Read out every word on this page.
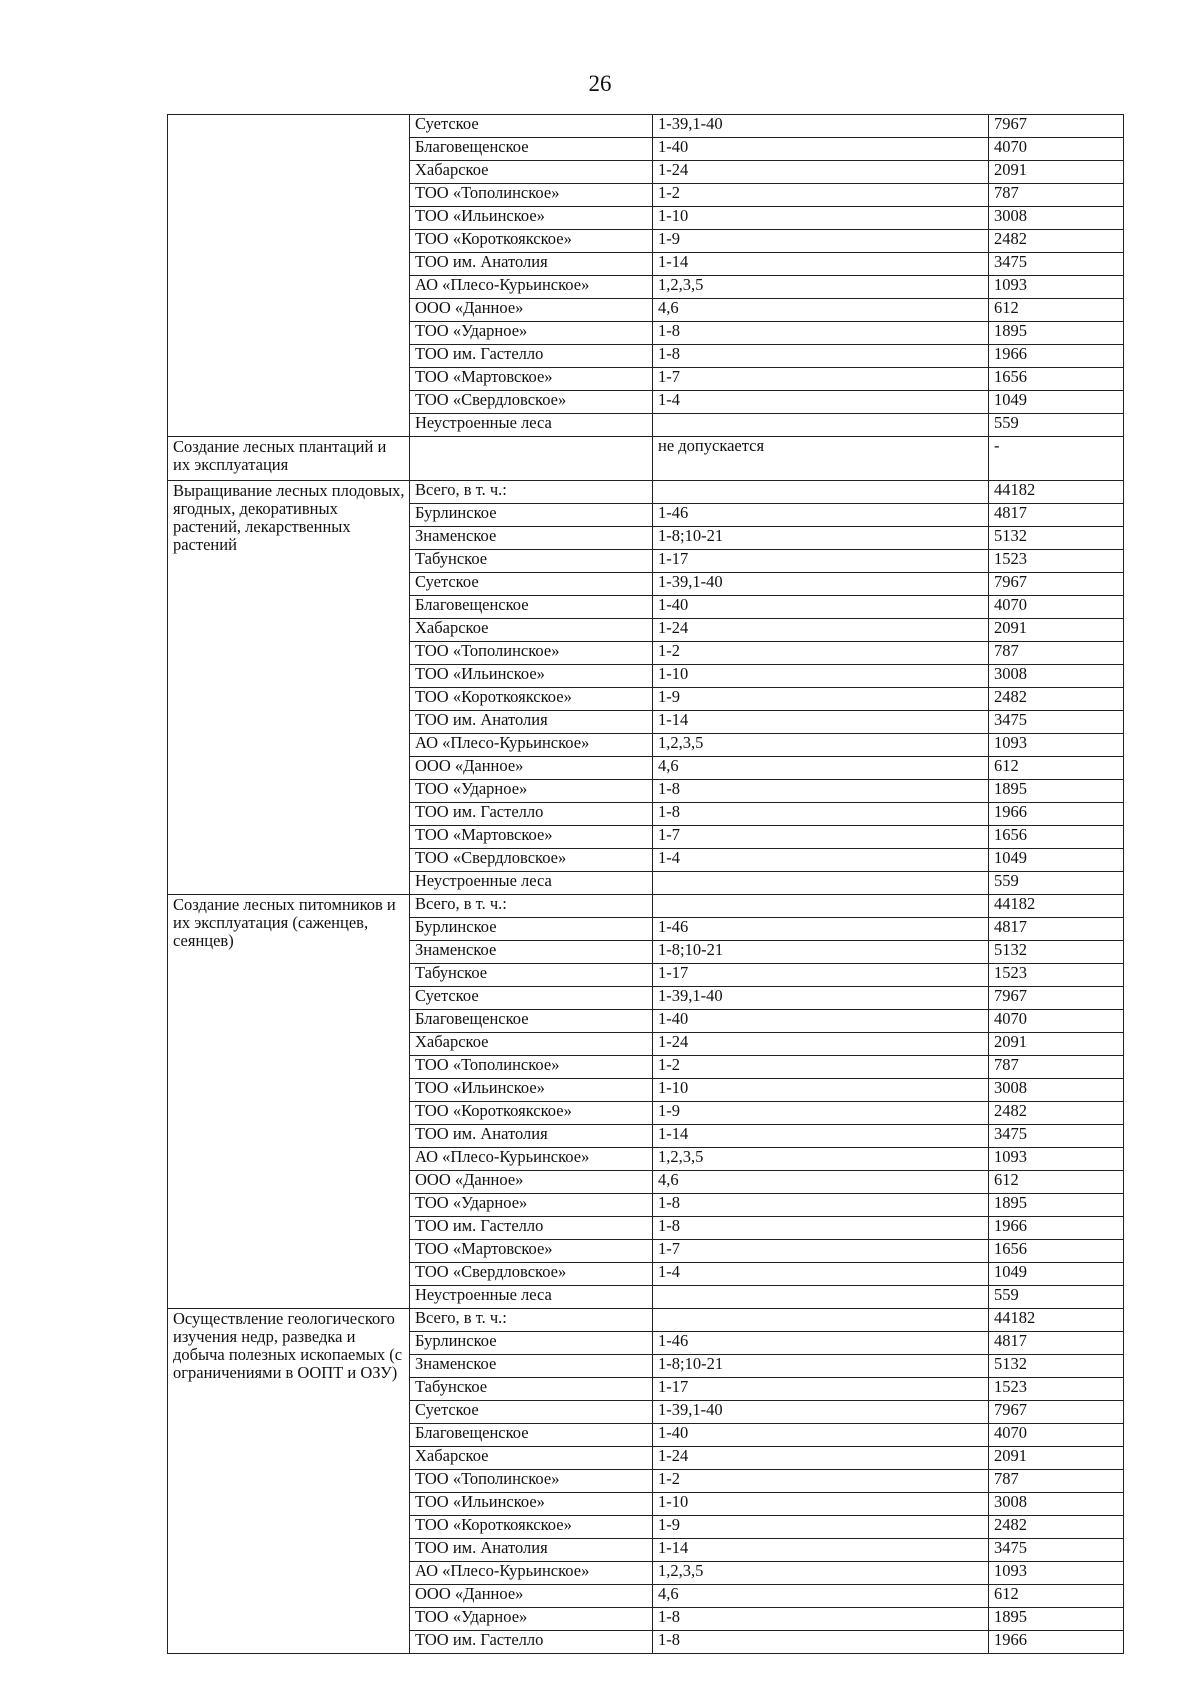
26
	Суетское	1-39,1-40	7967
	Благовещенское	1-40	4070
	Хабарское	1-24	2091
	ТОО «Тополинское»	1-2	787
	ТОО «Ильинское»	1-10	3008
	ТОО «Короткоякское»	1-9	2482
	ТОО им. Анатолия	1-14	3475
	АО «Плесо-Курьинское»	1,2,3,5	1093
	ООО «Данное»	4,6	612
	ТОО «Ударное»	1-8	1895
	ТОО им. Гастелло	1-8	1966
	ТОО «Мартовское»	1-7	1656
	ТОО «Свердловское»	1-4	1049
	Неустроенные леса		559
Создание лесных плантаций и их эксплуатация		не допускается	-
Выращивание лесных плодовых, ягодных, декоративных растений, лекарственных растений	Всего, в т. ч.:		44182
	Бурлинское	1-46	4817
	Знаменское	1-8;10-21	5132
	Табунское	1-17	1523
	Суетское	1-39,1-40	7967
	Благовещенское	1-40	4070
	Хабарское	1-24	2091
	ТОО «Тополинское»	1-2	787
	ТОО «Ильинское»	1-10	3008
	ТОО «Короткоякское»	1-9	2482
	ТОО им. Анатолия	1-14	3475
	АО «Плесо-Курьинское»	1,2,3,5	1093
	ООО «Данное»	4,6	612
	ТОО «Ударное»	1-8	1895
	ТОО им. Гастелло	1-8	1966
	ТОО «Мартовское»	1-7	1656
	ТОО «Свердловское»	1-4	1049
	Неустроенные леса		559
Создание лесных питомников и их эксплуатация (саженцев, сеянцев)	Всего, в т. ч.:		44182
	Бурлинское	1-46	4817
	Знаменское	1-8;10-21	5132
	Табунское	1-17	1523
	Суетское	1-39,1-40	7967
	Благовещенское	1-40	4070
	Хабарское	1-24	2091
	ТОО «Тополинское»	1-2	787
	ТОО «Ильинское»	1-10	3008
	ТОО «Короткоякское»	1-9	2482
	ТОО им. Анатолия	1-14	3475
	АО «Плесо-Курьинское»	1,2,3,5	1093
	ООО «Данное»	4,6	612
	ТОО «Ударное»	1-8	1895
	ТОО им. Гастелло	1-8	1966
	ТОО «Мартовское»	1-7	1656
	ТОО «Свердловское»	1-4	1049
	Неустроенные леса		559
Осуществление геологического изучения недр, разведка и добыча полезных ископаемых (с ограничениями в ООПТ и ОЗУ)	Всего, в т. ч.:		44182
	Бурлинское	1-46	4817
	Знаменское	1-8;10-21	5132
	Табунское	1-17	1523
	Суетское	1-39,1-40	7967
	Благовещенское	1-40	4070
	Хабарское	1-24	2091
	ТОО «Тополинское»	1-2	787
	ТОО «Ильинское»	1-10	3008
	ТОО «Короткоякское»	1-9	2482
	ТОО им. Анатолия	1-14	3475
	АО «Плесо-Курьинское»	1,2,3,5	1093
	ООО «Данное»	4,6	612
	ТОО «Ударное»	1-8	1895
	ТОО им. Гастелло	1-8	1966
